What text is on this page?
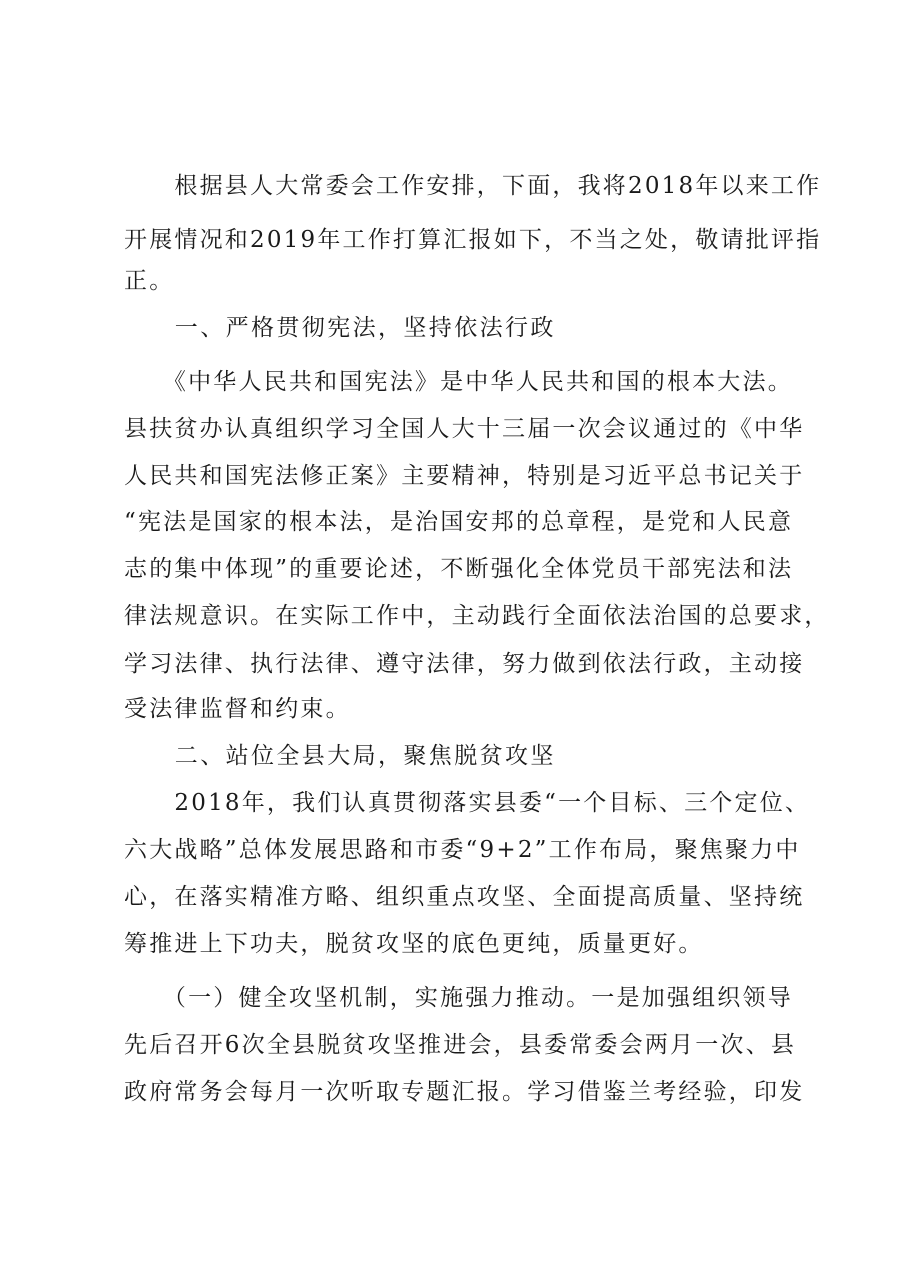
　　根据县人大常委会工作安排，下面，我将2018年以来工作

开展情况和2019年工作打算汇报如下，不当之处，敬请批评指

正。

　　一、严格贯彻宪法，坚持依法行政

　　《中华人民共和国宪法》是中华人民共和国的根本大法。

县扶贫办认真组织学习全国人大十三届一次会议通过的《中华

人民共和国宪法修正案》主要精神，特别是习近平总书记关于

“宪法是国家的根本法，是治国安邦的总章程，是党和人民意

志的集中体现”的重要论述，不断强化全体党员干部宪法和法

律法规意识。在实际工作中，主动践行全面依法治国的总要求，

学习法律、执行法律、遵守法律，努力做到依法行政，主动接

受法律监督和约束。

　　二、站位全县大局，聚焦脱贫攻坚

　　2018年，我们认真贯彻落实县委“一个目标、三个定位、

六大战略”总体发展思路和市委“9+2”工作布局，聚焦聚力中

心，在落实精准方略、组织重点攻坚、全面提高质量、坚持统

筹推进上下功夫，脱贫攻坚的底色更纯，质量更好。

　　（一）健全攻坚机制，实施强力推动。一是加强组织领导

先后召开6次全县脱贫攻坚推进会，县委常委会两月一次、县

政府常务会每月一次听取专题汇报。学习借鉴兰考经验，印发
